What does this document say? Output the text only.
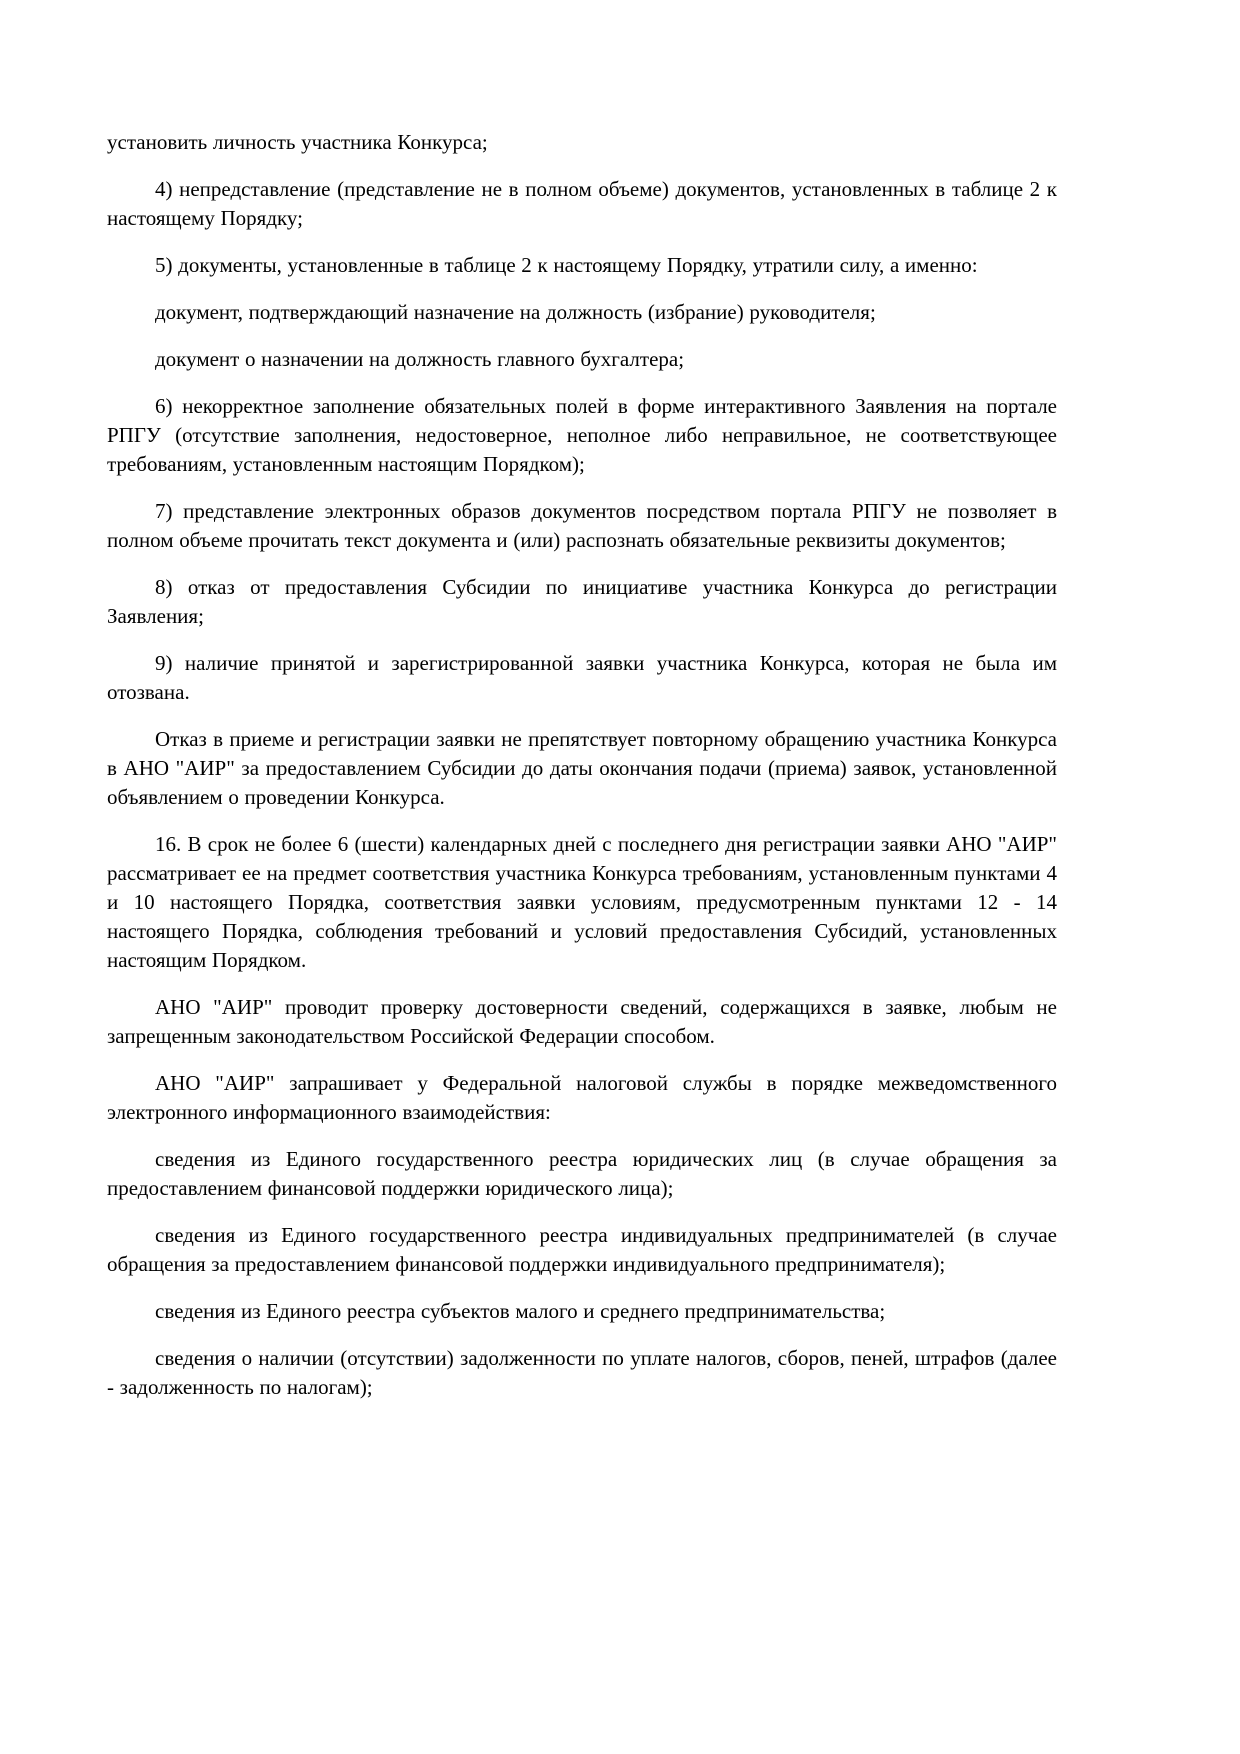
установить личность участника Конкурса;

4) непредставление (представление не в полном объеме) документов, установленных в таблице 2 к настоящему Порядку;

5) документы, установленные в таблице 2 к настоящему Порядку, утратили силу, а именно:

документ, подтверждающий назначение на должность (избрание) руководителя;

документ о назначении на должность главного бухгалтера;

6) некорректное заполнение обязательных полей в форме интерактивного Заявления на портале РПГУ (отсутствие заполнения, недостоверное, неполное либо неправильное, не соответствующее требованиям, установленным настоящим Порядком);

7) представление электронных образов документов посредством портала РПГУ не позволяет в полном объеме прочитать текст документа и (или) распознать обязательные реквизиты документов;

8) отказ от предоставления Субсидии по инициативе участника Конкурса до регистрации Заявления;

9) наличие принятой и зарегистрированной заявки участника Конкурса, которая не была им отозвана.

Отказ в приеме и регистрации заявки не препятствует повторному обращению участника Конкурса в АНО "АИР" за предоставлением Субсидии до даты окончания подачи (приема) заявок, установленной объявлением о проведении Конкурса.

16. В срок не более 6 (шести) календарных дней с последнего дня регистрации заявки АНО "АИР" рассматривает ее на предмет соответствия участника Конкурса требованиям, установленным пунктами 4 и 10 настоящего Порядка, соответствия заявки условиям, предусмотренным пунктами 12 - 14 настоящего Порядка, соблюдения требований и условий предоставления Субсидий, установленных настоящим Порядком.

АНО "АИР" проводит проверку достоверности сведений, содержащихся в заявке, любым не запрещенным законодательством Российской Федерации способом.

АНО "АИР" запрашивает у Федеральной налоговой службы в порядке межведомственного электронного информационного взаимодействия:

сведения из Единого государственного реестра юридических лиц (в случае обращения за предоставлением финансовой поддержки юридического лица);

сведения из Единого государственного реестра индивидуальных предпринимателей (в случае обращения за предоставлением финансовой поддержки индивидуального предпринимателя);

сведения из Единого реестра субъектов малого и среднего предпринимательства;

сведения о наличии (отсутствии) задолженности по уплате налогов, сборов, пеней, штрафов (далее - задолженность по налогам);
